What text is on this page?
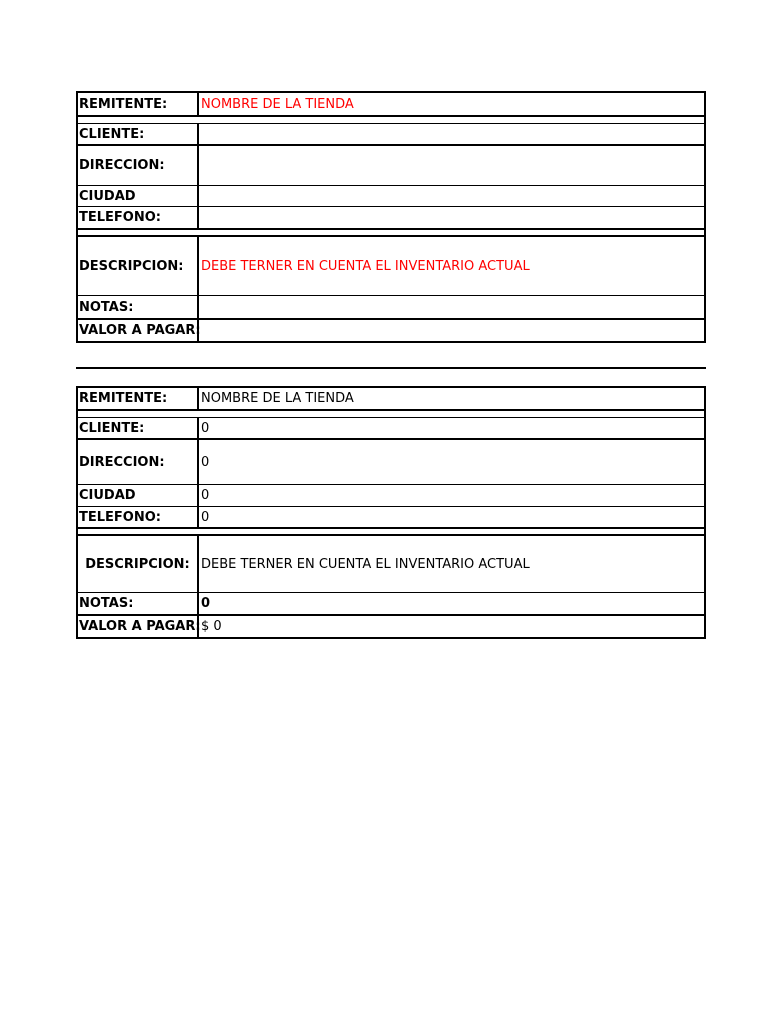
REMITENTE:	NOMBRE DE LA TIENDA
CLIENTE:
DIRECCION:
CIUDAD
TELEFONO:
DESCRIPCION:	DEBE TERNER EN CUENTA EL INVENTARIO ACTUAL
NOTAS:
VALOR A PAGAR:
REMITENTE:	NOMBRE DE LA TIENDA
CLIENTE:	0
DIRECCION:	0
CIUDAD	0
TELEFONO:	0
DESCRIPCION: DEBE TERNER EN CUENTA EL INVENTARIO ACTUAL
NOTAS:	0
VALOR A PAGAR: $ 0
